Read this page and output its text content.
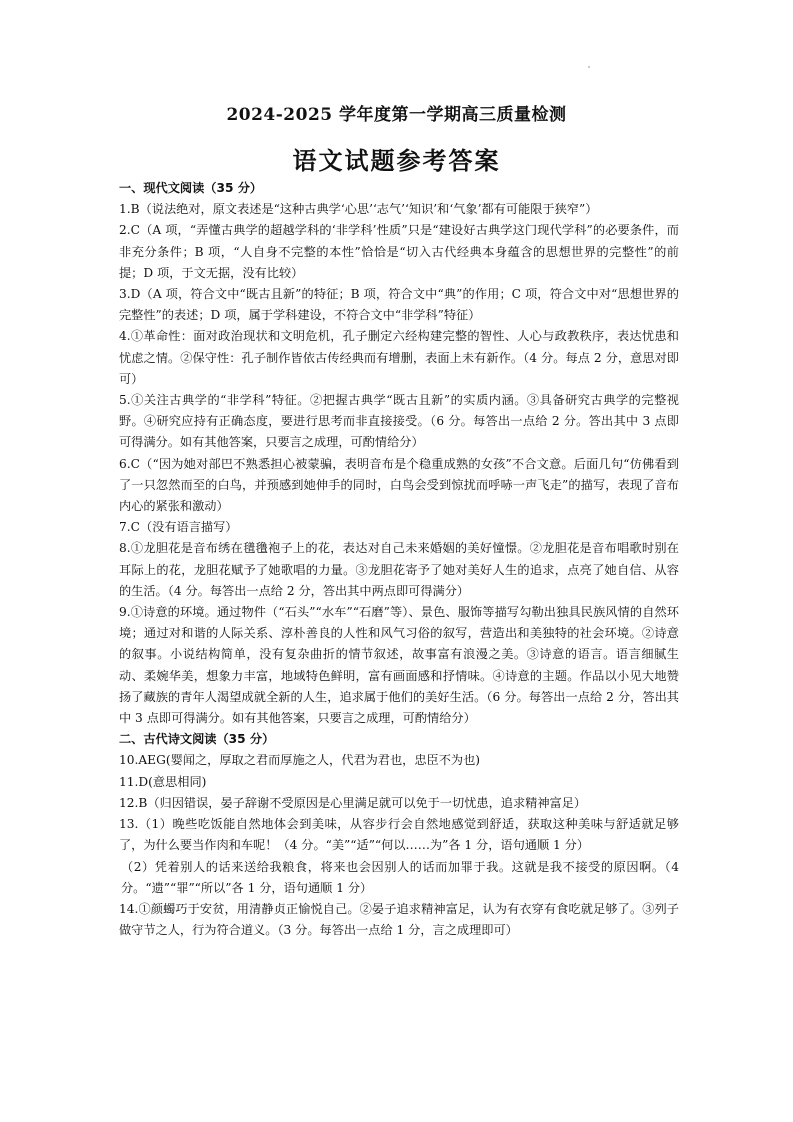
2024-2025 学年度第一学期高三质量检测
语文试题参考答案

一、现代文阅读（35 分）

1.B（说法绝对，原文表述是“这种古典学‘心思’‘志气’‘知识’和‘气象’都有可能限于狭窄”）

2.C（A 项，“弄懂古典学的超越学科的‘非学科’性质”只是“建设好古典学这门现代学科”的必要条件，而非充分条件；B 项，“人自身不完整的本性”恰恰是“切入古代经典本身蕴含的思想世界的完整性”的前提；D 项，于文无据，没有比较）

3.D（A 项，符合文中“既古且新”的特征；B 项，符合文中“典”的作用；C 项，符合文中对“思想世界的完整性”的表述；D 项，属于学科建设，不符合文中“非学科”特征）

4.①革命性：面对政治现状和文明危机，孔子删定六经构建完整的智性、人心与政教秩序，表达忧患和忧虑之情。②保守性：孔子制作皆依古传经典而有增删，表面上未有新作。（4 分。每点 2 分，意思对即可）

5.①关注古典学的“非学科”特征。②把握古典学“既古且新”的实质内涵。③具备研究古典学的完整视野。④研究应持有正确态度，要进行思考而非直接接受。（6 分。每答出一点给 2 分。答出其中 3 点即可得满分。如有其他答案，只要言之成理，可酌情给分）

6.C（“因为她对部巴不熟悉担心被蒙骗，表明音布是个稳重成熟的女孩”不合文意。后面几句“仿佛看到了一只忽然而至的白鸟，并预感到她伸手的同时，白鸟会受到惊扰而呼哧一声飞走”的描写，表现了音布内心的紧张和激动）

7.C（没有语言描写）

8.①龙胆花是音布绣在氆氇袍子上的花，表达对自己未来婚姻的美好憧憬。②龙胆花是音布唱歌时别在耳际上的花，龙胆花赋予了她歌唱的力量。③龙胆花寄予了她对美好人生的追求，点亮了她自信、从容的生活。（4 分。每答出一点给 2 分，答出其中两点即可得满分）

9.①诗意的环境。通过物件（“石头”“水车”“石磨”等）、景色、服饰等描写勾勒出独具民族风情的自然环境；通过对和谐的人际关系、淳朴善良的人性和风气习俗的叙写，营造出和美独特的社会环境。②诗意的叙事。小说结构简单，没有复杂曲折的情节叙述，故事富有浪漫之美。③诗意的语言。语言细腻生动、柔婉华美，想象力丰富，地域特色鲜明，富有画面感和抒情味。④诗意的主题。作品以小见大地赞扬了藏族的青年人渴望成就全新的人生，追求属于他们的美好生活。（6 分。每答出一点给 2 分，答出其中 3 点即可得满分。如有其他答案，只要言之成理，可酌情给分）

二、古代诗文阅读（35 分）

10.AEG(婴闻之，厚取之君而厚施之人，代君为君也，忠臣不为也)

11.D(意思相同)

12.B（归因错误，晏子辞谢不受原因是心里满足就可以免于一切忧患，追求精神富足）

13.（1）晚些吃饭能自然地体会到美味，从容步行会自然地感觉到舒适，获取这种美味与舒适就足够了，为什么要当作肉和车呢！（4 分。“美”“适”“何以……为”各 1 分，语句通顺 1 分）

（2）凭着别人的话来送给我粮食，将来也会因别人的话而加罪于我。这就是我不接受的原因啊。（4 分。“遗”“罪”“所以”各 1 分，语句通顺 1 分）

14.①颜蠋巧于安贫，用清静贞正愉悦自己。②晏子追求精神富足，认为有衣穿有食吃就足够了。③列子做守节之人，行为符合道义。（3 分。每答出一点给 1 分，言之成理即可）
